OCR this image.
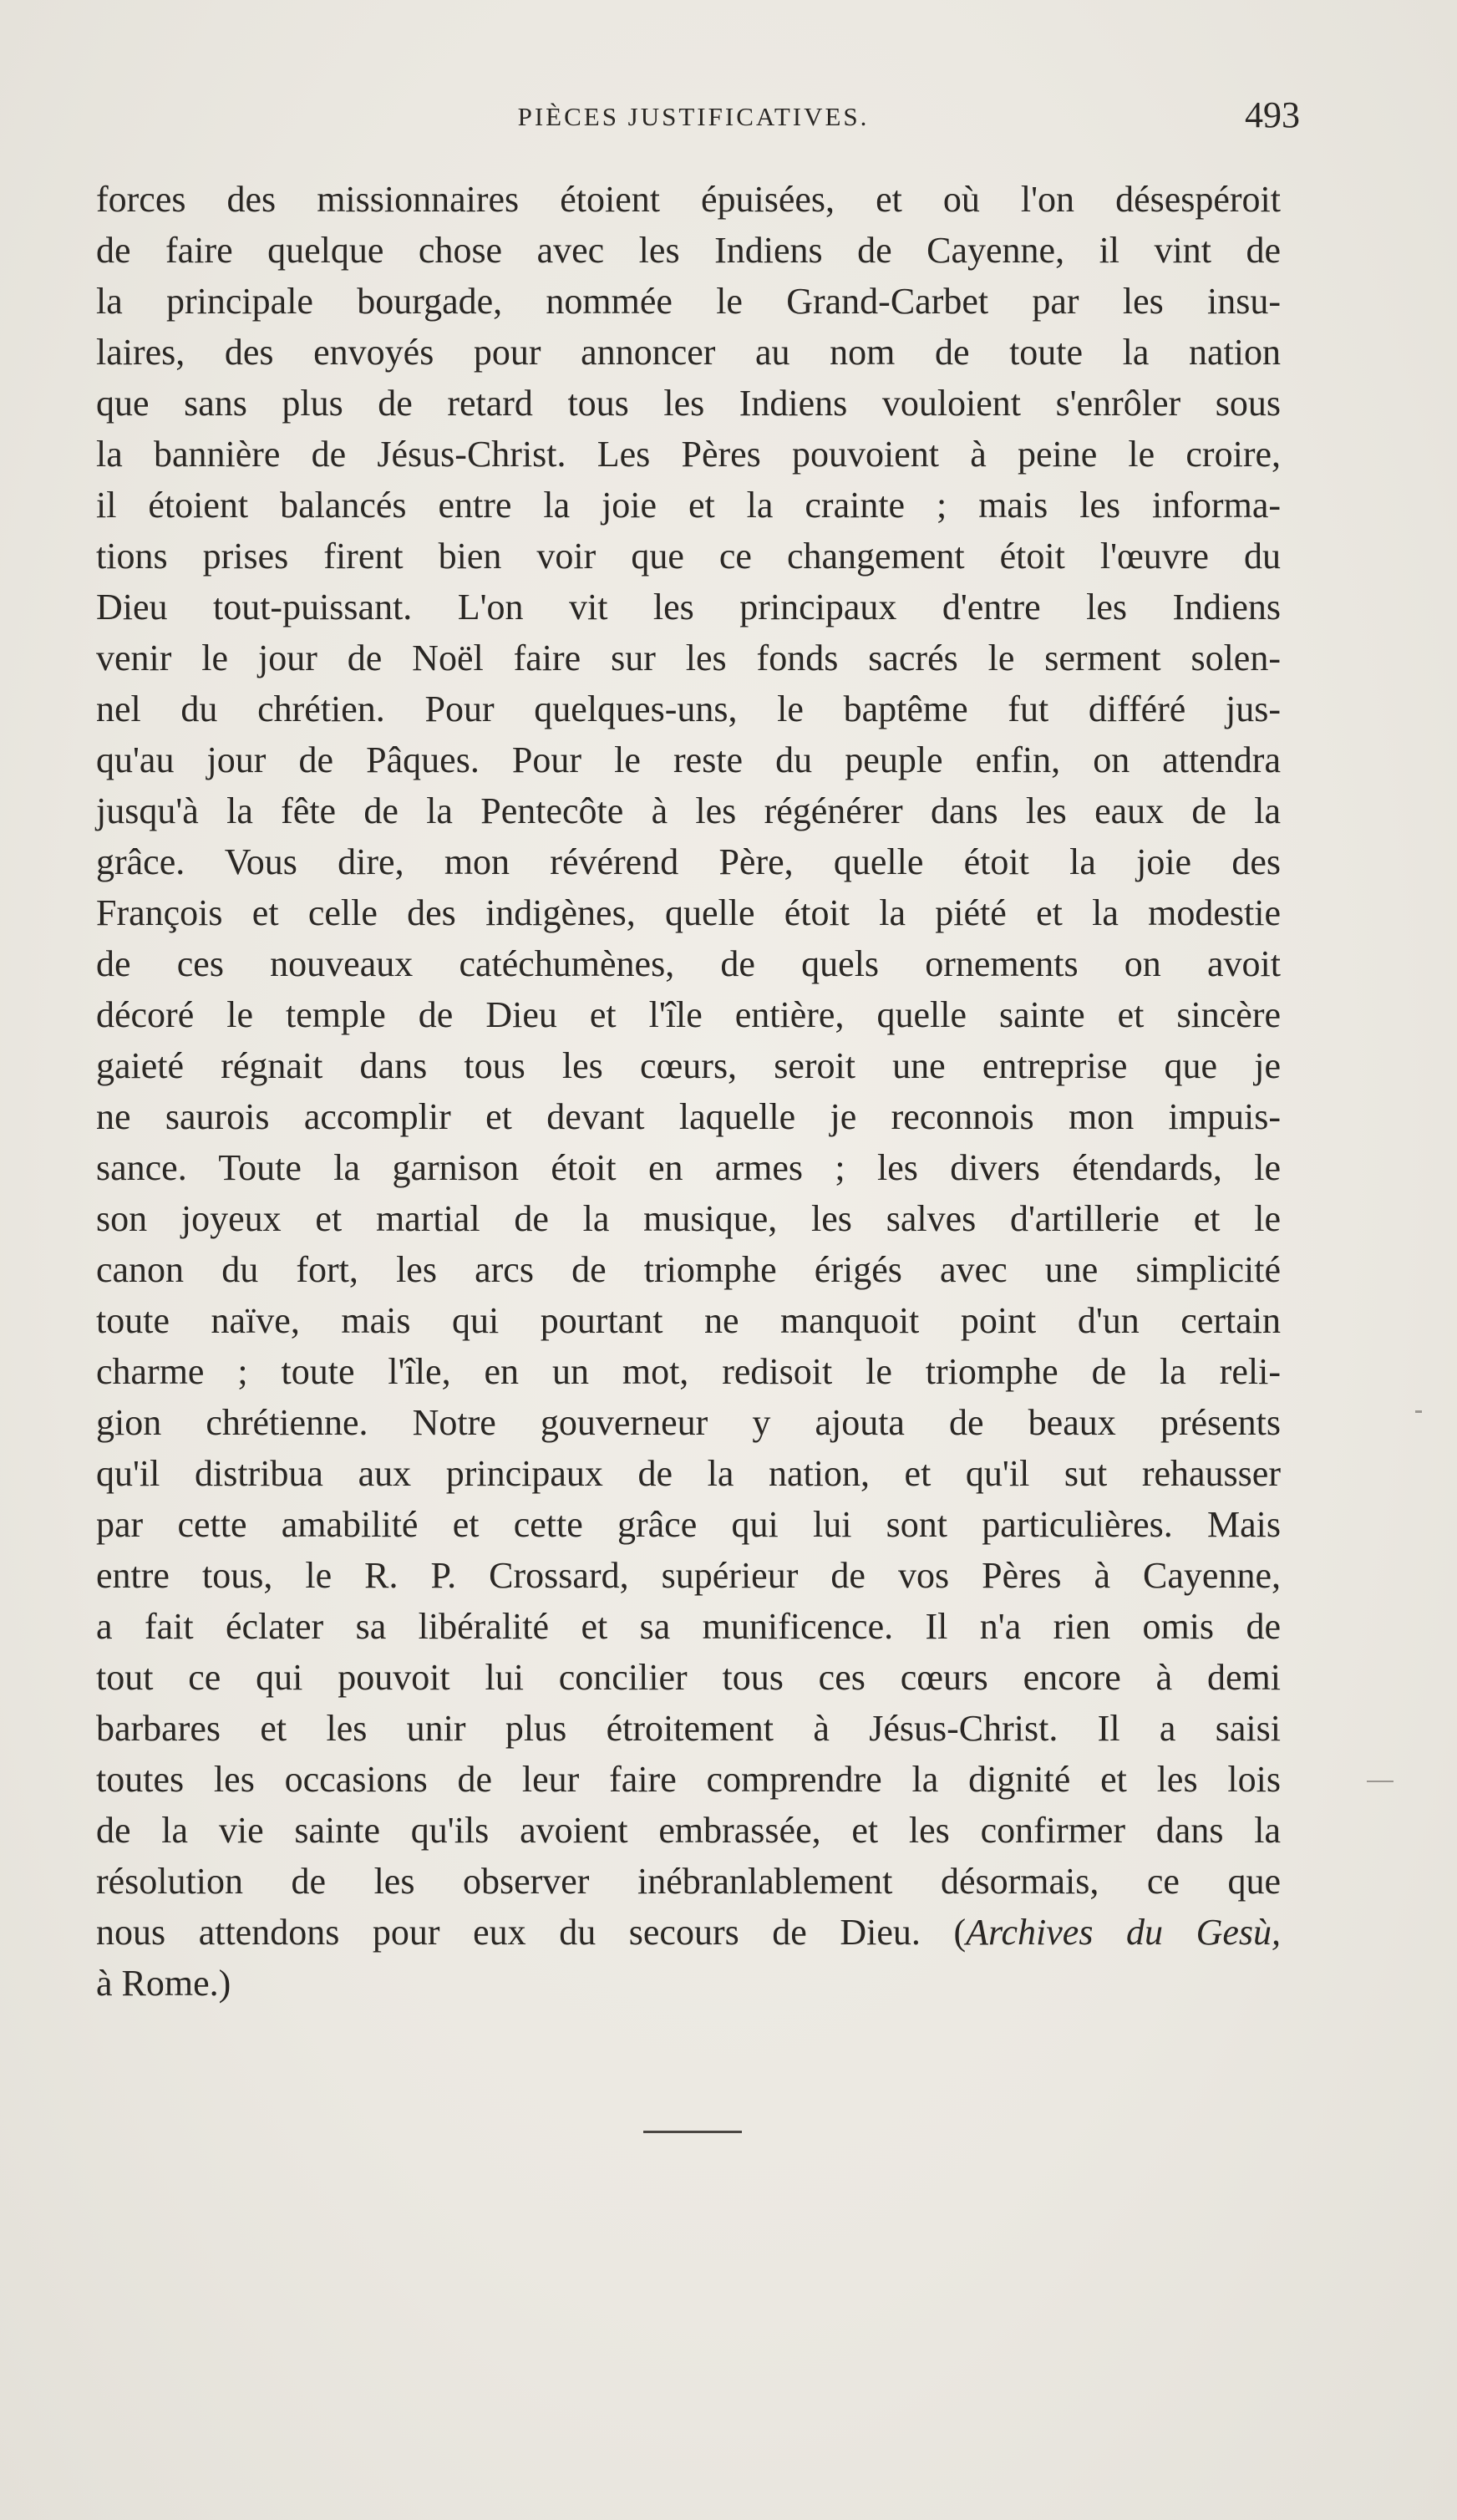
PIÈCES JUSTIFICATIVES.	493
forces des missionnaires étoient épuisées, et où l'on désespéroit
de faire quelque chose avec les Indiens de Cayenne, il vint de
la principale bourgade, nommée le Grand-Carbet par les insu-
laires, des envoyés pour annoncer au nom de toute la nation
que sans plus de retard tous les Indiens vouloient s'enrôler sous
la bannière de Jésus-Christ. Les Pères pouvoient à peine le croire,
il étoient balancés entre la joie et la crainte ; mais les informa-
tions prises firent bien voir que ce changement étoit l'œuvre du
Dieu tout-puissant. L'on vit les principaux d'entre les Indiens
venir le jour de Noël faire sur les fonds sacrés le serment solen-
nel du chrétien. Pour quelques-uns, le baptême fut différé jus-
qu'au jour de Pâques. Pour le reste du peuple enfin, on attendra
jusqu'à la fête de la Pentecôte à les régénérer dans les eaux de la
grâce. Vous dire, mon révérend Père, quelle étoit la joie des
François et celle des indigènes, quelle étoit la piété et la modestie
de ces nouveaux catéchumènes, de quels ornements on avoit
décoré le temple de Dieu et l'île entière, quelle sainte et sincère
gaieté régnait dans tous les cœurs, seroit une entreprise que je
ne saurois accomplir et devant laquelle je reconnois mon impuis-
sance. Toute la garnison étoit en armes ; les divers étendards, le
son joyeux et martial de la musique, les salves d'artillerie et le
canon du fort, les arcs de triomphe érigés avec une simplicité
toute naïve, mais qui pourtant ne manquoit point d'un certain
charme ; toute l'île, en un mot, redisoit le triomphe de la reli-
gion chrétienne. Notre gouverneur y ajouta de beaux présents
qu'il distribua aux principaux de la nation, et qu'il sut rehausser
par cette amabilité et cette grâce qui lui sont particulières. Mais
entre tous, le R. P. Crossard, supérieur de vos Pères à Cayenne,
a fait éclater sa libéralité et sa munificence. Il n'a rien omis de
tout ce qui pouvoit lui concilier tous ces cœurs encore à demi
barbares et les unir plus étroitement à Jésus-Christ. Il a saisi
toutes les occasions de leur faire comprendre la dignité et les lois
de la vie sainte qu'ils avoient embrassée, et les confirmer dans la
résolution de les observer inébranlablement désormais, ce que
nous attendons pour eux du secours de Dieu. (Archives du Gesù,
à Rome.)
